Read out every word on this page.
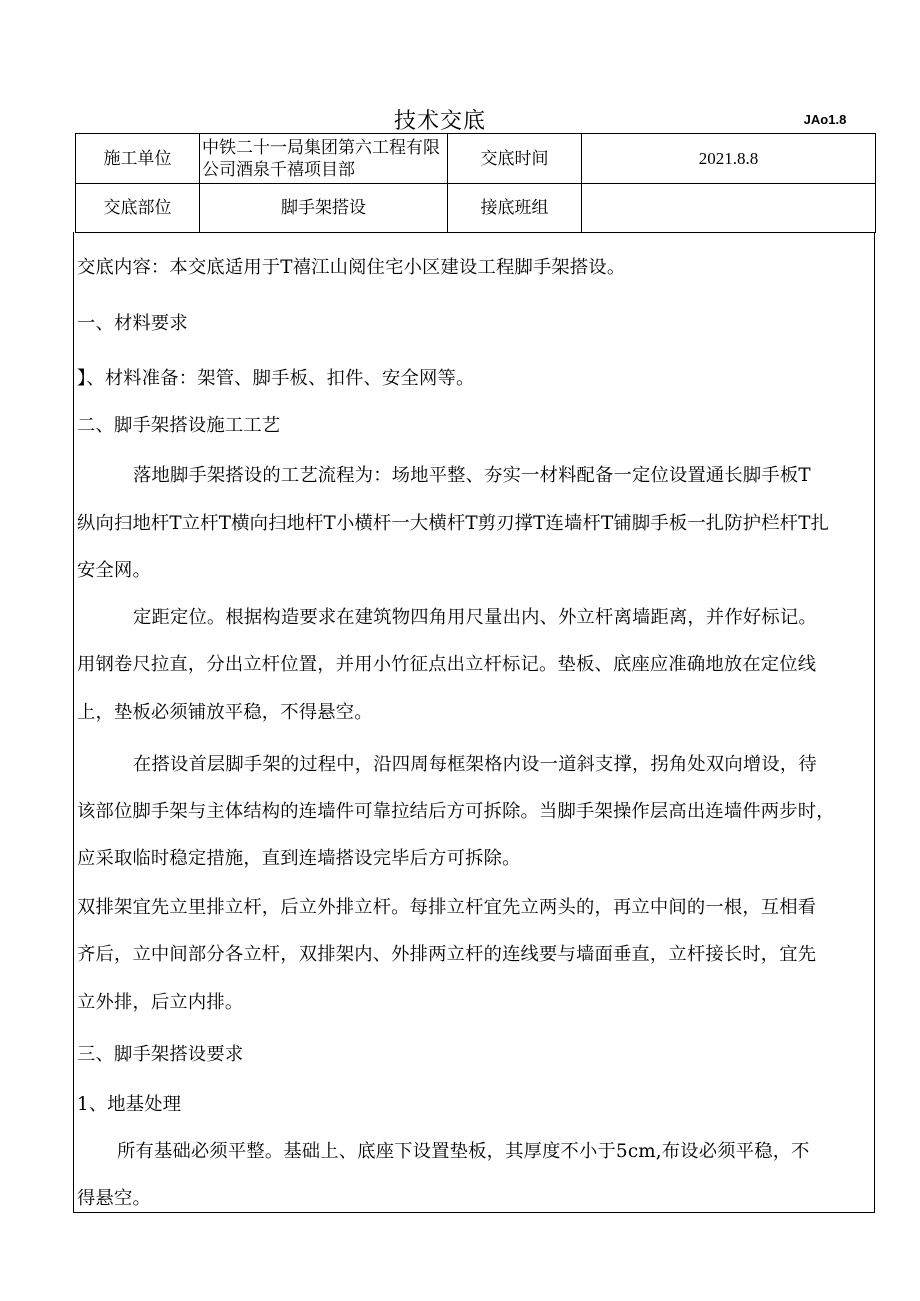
技术交底	JAo1.8
施工单位	中铁二十一局集团第六工程有限公司酒泉千禧项目部	交底时间	2021.8.8
交底部位	脚手架搭设	接底班组	
交底内容：本交底适用于T禧江山阅住宅小区建设工程脚手架搭设。
一、材料要求
】、材料准备：架管、脚手板、扣件、安全网等。
二、脚手架搭设施工工艺
落地脚手架搭设的工艺流程为：场地平整、夯实一材料配备一定位设置通长脚手板T
纵向扫地杆T立杆T横向扫地杆T小横杆一大横杆T剪刃撑T连墙杆T铺脚手板一扎防护栏杆T扎
安全网。
定距定位。根据构造要求在建筑物四角用尺量出内、外立杆离墙距离，并作好标记。
用钢卷尺拉直，分出立杆位置，并用小竹征点出立杆标记。垫板、底座应准确地放在定位线
上，垫板必须铺放平稳，不得悬空。
在搭设首层脚手架的过程中，沿四周每框架格内设一道斜支撑，拐角处双向增设，待
该部位脚手架与主体结构的连墙件可靠拉结后方可拆除。当脚手架操作层高出连墙件两步时，
应采取临时稳定措施，直到连墙搭设完毕后方可拆除。
双排架宜先立里排立杆，后立外排立杆。每排立杆宜先立两头的，再立中间的一根，互相看
齐后，立中间部分各立杆，双排架内、外排两立杆的连线要与墙面垂直，立杆接长时，宜先
立外排，后立内排。
三、脚手架搭设要求
1、地基处理
所有基础必须平整。基础上、底座下设置垫板，其厚度不小于5cm,布设必须平稳，不
得悬空。
